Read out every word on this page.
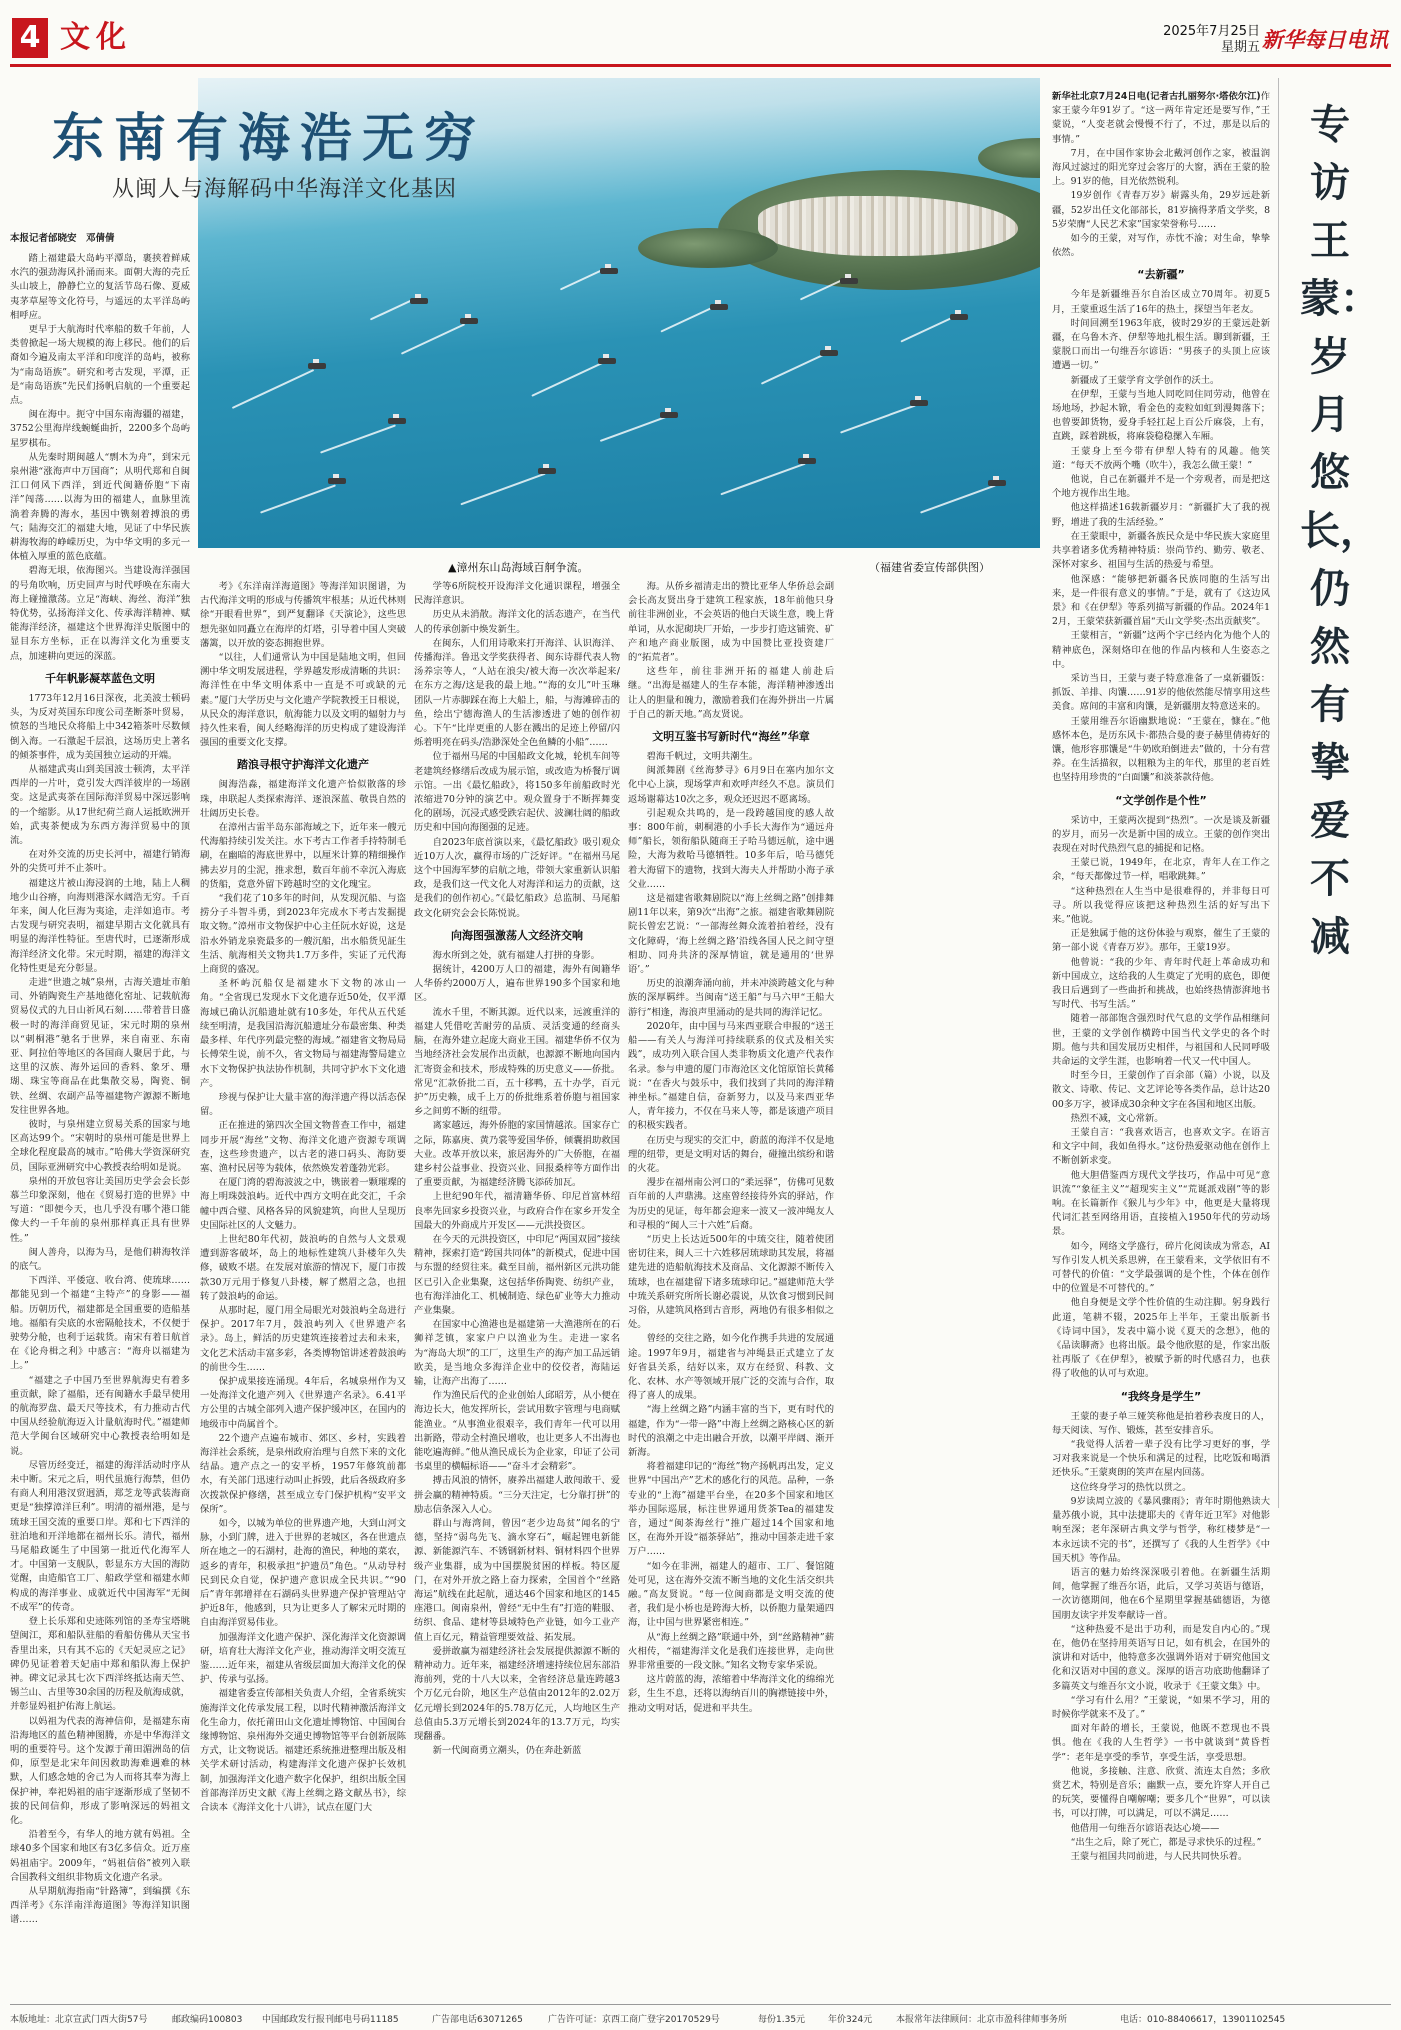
4 文化	2025年7月25日
星期五 新华每日电讯
东南有海浩无穷
从闽人与海解码中华海洋文化基因
▲漳州东山岛海域百舸争流。	（福建省委宣传部供图）

本报记者邰晓安　邓倩倩

踏上福建最大岛屿平潭岛，裹挟着鲜咸水汽的强劲海风扑涌而来。面朝大海的壳丘头山坡上，静静伫立的复活节岛石像、夏威夷茅草屋等文化符号，与遥远的太平洋岛屿相呼应。

更早于大航海时代率船的数千年前，人类曾掀起一场大规模的海上移民。他们的后裔如今遍及南太平洋和印度洋的岛屿，被称为“南岛语族”。研究和考古发现，平潭，正是“南岛语族”先民们扬帆启航的一个重要起点。

闽在海中。扼守中国东南海疆的福建，3752公里海岸线蜿蜒曲折，2200多个岛屿星罗棋布。

从先秦时期闽越人“剽木为舟”，到宋元泉州港“涨海声中万国商”；从明代郑和自闽江口伺风下西洋，到近代闽籍侨胞“下南洋”闯荡……以海为田的福建人，血脉里流淌着奔腾的海水，基因中镌刻着搏浪的勇气；陆海交汇的福建大地，见证了中华民族耕海牧海的峥嵘历史，为中华文明的多元一体植入厚重的蓝色底蕴。

碧海无垠，依海图兴。当建设海洋强国的号角吹响，历史回声与时代呼唤在东南大海上碰撞激荡。立足“海峡、海丝、海洋”独特优势，弘扬海洋文化、传承海洋精神、赋能海洋经济，福建这个世界海洋史版图中的显目东方坐标，正在以海洋文化为重要支点，加速耕向更远的深蓝。

千年帆影凝萃蓝色文明

1773年12月16日深夜，北美波士顿码头，为反对英国东印度公司垄断茶叶贸易，愤怒的当地民众将船上中342箱茶叶尽数倾倒入海。一石激起千层浪，这场历史上著名的倾茶事件，成为美国独立运动的开端。

从福建武夷山到美国波士顿湾，太平洋西岸的一片叶，竟引发大西洋彼岸的一场剧变。这是武夷茶在国际海洋贸易中深远影响的一个缩影。从17世纪荷兰商人运抵欧洲开始，武夷茶便成为东西方海洋贸易中的顶流。

在对外交流的历史长河中，福建行销海外的尖货可并不止茶叶。

福建这片被山海浸润的土地，陆上人稠地少山谷瘠，向海则港深水阔浩无穷。千百年来，闽人化巨海为夷途，走洋如追市。考古发现与研究表明，福建早期古文化就具有明显的海洋性特征。至唐代时，已逐渐形成海洋经济文化带。宋元时期，福建的海洋文化特性更是充分彰显。

走进“世遗之城”泉州，古海关遗址市舶司、外销陶瓷生产基地德化窑址、记载航海贸易仪式的九日山祈风石刻……带着昔日盛极一时的海洋商贸见证，宋元时期的泉州以“刺桐港”驰名于世界，来自南亚、东南亚、阿拉伯等地区的各国商人聚居于此，与这里的汉族、海外运回的香料、象牙、珊瑚、珠宝等商品在此集散交易，陶瓷、铜铁、丝绸、农副产品等福建物产源源不断地发往世界各地。

彼时，与泉州建立贸易关系的国家与地区高达99个。“宋朝时的泉州可能是世界上全球化程度最高的城市。”哈佛大学资深研究员，国际亚洲研究中心教授表给明如是说。

泉州的开放包容让美国历史学会会长彭慕兰印象深刻，他在《贸易打造的世界》中写道：“即便今天，也几乎没有哪个港口能像大约一千年前的泉州那样真正具有世界性。”

闽人善舟，以海为马，是他们耕海牧洋的底气。

下西洋、平倭寇、收台湾、使琉球……都能见到一个福建“主特产”的身影——福船。历朝历代，福建都是全国重要的造船基地。福船有尖底的水密隔舱技术，不仅便于驶势分舱，也利于运载货。南宋有着日航首在《论舟楫之利》中感言：“海舟以福建为上。”

“福建之子中国乃至世界航海史有着多重贡献，除了福船，还有闽籍水手最早使用的航海罗盘、最天尺等技术，有力推动古代中国从经验航海迈入计量航海时代。”福建师范大学闽台区域研究中心教授表给明如是说。

尽管历经变迁，福建的海洋活动时序从未中断。宋元之后，明代虽施行海禁，但仍有商人利用港汊贸迥酒，郑芝龙等武装海商更是“独撑漳洋巨利”。明清的福州港，是与琉球王国交流的重要口岸。郑和七下西洋的驻泊地和开洋地都在福州长乐。清代，福州马尾船政诞生了中国第一批近代化海军人才。中国第一支舰队，彰显东方大国的海防觉醒，由造船官工厂、船政学堂和福建水师构成的海洋事业、成就近代中国海军“无闽不成军”的传奇。

登上长乐郑和史迹陈列馆的圣寿宝塔眺望闽江，郑和船队驻船的看船仿佛从天宝书香里出来，只有其不忘的《天妃灵应之记》碑仍见证着着天妃庙中郑和船队海上保护神。碑文记录其七次下西洋终抵达南天竺、锡兰山、古里等30余国的历程及航海成就，并彰显妈祖护佑海上航运。

以妈祖为代表的海神信仰，是福建东南沿海地区的蓝色精神图腾，亦是中华海洋文明的重要符号。这个发源于莆田湄洲岛的信仰，原型是北宋年间因救助海难遇难的林默，人们感念她的舍己为人而将其奉为海上保护神，奉祀妈祖的庙宇逐渐形成了坚韧不拔的民间信仰，形成了影响深远的妈祖文化。

沿着至今，有华人的地方就有妈祖。全球40多个国家和地区有3亿多信众。近万座妈祖庙宇。2009年，“妈祖信俗”被列入联合国教科文组织非物质文化遗产名录。

从早期航海指南“针路簿”，到编撰《东西洋考》《东洋南洋海道图》等海洋知识图谱……

考》《东洋南洋海道图》等海洋知识图谱，为古代海洋文明的形成与传播筑牢根基；从近代林则徐“开眼看世界”，到严复翻译《天演论》，这些思想先驱如同矗立在海岸的灯塔，引导着中国人突破藩篱，以开放的姿态拥抱世界。

“以往，人们通常认为中国是陆地文明，但回溯中华文明发展进程，学界越发形成清晰的共识：海洋性在中华文明体系中一直是不可或缺的元素。”厦门大学历史与文化遗产学院教授王日根说，从民众的海洋意识，航海能力以及文明的辐射力与持久性来看，闽人经略海洋的历史构成了建设海洋强国的重要文化支撑。

踏浪寻根守护海洋文化遗产

闽海浩淼，福建海洋文化遗产恰似散落的珍珠，串联起人类探索海洋、逐浪深蓝、敬畏自然的壮阔历史长卷。

在漳州古雷半岛东部海域之下，近年来一艘元代海船持续引发关注。水下考古工作者手持特制毛刷，在幽暗的海底世界中，以厘米计算的精细操作拂去岁月的尘泥，推求想，数百年前不幸沉入海底的货船，竟意外留下跨越时空的文化瑰宝。

“我们花了10多年的时间，从发现沉船、与盗捞分子斗智斗勇，到2023年完成水下考古发掘提取文物。”漳州市文物保护中心主任阮水好说，这是沿水外销龙泉瓷最多的一艘沉船，出水船货见証生生活、航海相关文物共1.7万多件，实证了元代海上商贸的盛况。

圣杯屿沉船仅是福建水下文物的冰山一角。“全省现已发现水下文化遗存近50处，仅平潭海域已确认沉船遗址就有10多处，年代从五代延续至明清，是我国沿海沉船遗址分布最密集、种类最多样、年代序列最完整的海域。”福建省文物局局长傅荣生说，前不久，省文物局与福建海警局建立水下文物保护执法协作机制，共同守护水下文化遗产。

珍视与保护让大量丰富的海洋遗产得以活态保留。

正在推进的第四次全国文物普查工作中，福建同步开展“海丝”文物、海洋文化遗产资源专项调查，这些珍贵遗产，以古老的港口码头、海防要塞、渔村民居等为载体，依然焕发着蓬勃光彩。

在厦门湾的碧海波波之中，镌嵌着一颗璀璨的海上明珠鼓浪屿。近代中西方文明在此交汇，千余幢中西合璧、风格各异的风貌建筑，向世人呈现历史国际社区的人文魅力。

上世纪80年代初，鼓浪屿的自然与人文景观遭到游客破坏，岛上的地标性建筑八卦楼年久失修，破败不堪。在发展对旅游的情况下，厦门市拨款30万元用于修复八卦楼，解了燃眉之急，也扭转了鼓浪屿的命运。

从那时起，厦门用全局眼光对鼓浪屿全岛进行保护。2017年7月，鼓浪屿列入《世界遗产名录》。岛上，鲜活的历史建筑连接着过去和未来，文化艺术活动丰富多彩，各类博物馆讲述着鼓浪屿的前世今生……

保护成果接连涌现。4年后，名城泉州作为又一处海洋文化遗产列入《世界遗产名录》。6.41平方公里的古城全部列入遗产保护缓冲区，在国内的地级市中尚属首个。

22个遗产点遍布城市、郊区、乡村，实践着海洋社会系统，是泉州政府治理与自然下来的文化结晶。遗产点之一的安平桥，1957年修筑前都水，有关部门迅速行动叫止拆毁，此后各级政府多次拨款保护修缮，甚至成立专门保护机构“安平文保所”。

如今，以城为单位的世界遗产地，大到山河文脉，小到门牌，进入于世界的老城区，各在世遗点所在地之一的石湖村，赴海的渔民，种地的菜农，返乡的青年，积极承担“护遗员”角色。“从动导村民到民众自觉，保护遗产意识成全民共识。”“90后”青年郭增祥在石湖码头世界遗产保护管理站守护近8年，他感到，只为让更多人了解宋元时期的自由海洋贸易伟业。

加强海洋文化遗产保护、深化海洋文化资源调研，培育壮大海洋文化产业，推动海洋文明交流互鉴……近年来，福建从省级层面加大海洋文化的保护、传承与弘扬。

福建省委宣传部相关负责人介绍，全省系统实施海洋文化传承发展工程，以时代精神激活海洋文化生命力，依托莆田山文化遗址博物馆、中国闽台缘博物馆、泉州海外交通史博物馆等平台创新展陈方式，让文物说话。福建还系统推进整理出版及相关学术研讨活动，构建海洋文化遗产保护长效机制，加强海洋文化遗产数字化保护，组织出版全国首部海洋历史文献《海上丝绸之路文献丛书》，综合读本《海洋文化十八讲》，试点在厦门大

学等6所院校开设海洋文化通识课程，增强全民海洋意识。

历史从未消散。海洋文化的活态遗产，在当代人的传承创新中焕发新生。

在闽东，人们用诗歌来打开海洋、认识海洋、传播海洋。鲁迅文学奖获得者、闽东诗群代表人物汤养宗等人，“人站在浪尖/被大海一次次举起来/在东方之海/这是我的最上地。”“海的女儿”叶玉琳团队一片赤脚踩在海上大船上，船，与海滩碎击的鱼，绘出宁德海渔人的生活渗透进了她的创作初心。下午“比岸更重的人影在溅出的足迹上停留/闪烁着明亮在码头/浩渺深处全色鱼鳞的小船”……

位于福州马尾的中国船政文化城，轮机车间等老建筑经修缮后改成为展示馆，或改造为桥餐厅调示馆。一出《最忆船政》，将150多年前船政时光浓缩进70分钟的演艺中。观众置身于不断挥舞变化的剧场，沉浸式感受跌宕起伏、波澜壮阔的船政历史和中国向海图强的足迹。

自2023年底首演以来，《最忆船政》吸引观众近10万人次，赢得市场的广泛好评。“在福州马尾这个中国海军梦的启航之地，带领大家重新认识船政，是我们这一代文化人对海洋和运力的贡献，这是我们的创作初心。”《最忆船政》总监制、马尾船政文化研究会会长陈悦说。

向海图强激荡人文经济交响

海水所到之处，就有福建人打拼的身影。

据统计，4200万人口的福建，海外有闽籍华人华侨约2000万人，遍布世界190多个国家和地区。

流水千里，不断其源。近代以来，远渡重洋的福建人凭借吃苦耐劳的品质、灵活变通的经商头脑，在海外建立起庞大商业王国。福建华侨不仅为当地经济社会发展作出贡献，也源源不断地向国内汇寄资金和技术，形成特殊的历史意义——侨批。常见“汇款侨批二百，五十移鸭，五十办学，百元护”历史赖，成千上万的侨批维系着侨胞与祖国家乡之间剪不断的纽带。

离家越远，海外侨胞的家国情越浓。国家存亡之际，陈嘉庚、黄乃裳等爱国华侨，倾囊捐助救国大业。改革开放以来，旅居海外的广大侨胞，在福建乡村公益事业、投资兴业、回报桑梓等方面作出了重要贡献，为福建经济腾飞添砖加瓦。

上世纪90年代，福清籍华侨、印尼首富林绍良率先回家乡投资兴业，与政府合作在家乡开发全国最大的外商成片开发区——元洪投资区。

在今天的元洪投资区，中印尼“两国双园”接续精神，探索打造“跨国共同体”的新模式，促进中国与东盟的经贸往来。截至目前，福州新区元洪功能区已引入企业集聚，这包括华侨陶瓷、纺织产业，也有海洋油化工、机械制造、绿色矿业等大力推动产业集聚。

在国家中心渔港也是福建第一大渔港所在的石狮祥芝镇，家家户户以渔业为生。走进一家名为“海岛大坝”的工厂，这里生产的海产加工品远销欧美，是当地众多海洋企业中的佼佼者，海陆运输，让海产出海了……

作为渔民后代的企业创始人邱昭芳，从小便在海边长大，他发挥所长，尝试用数字管理与电商赋能渔业。“从事渔业很艰辛，我们青年一代可以用出新路，带动全村渔民增收，也让更多人不出海也能吃遍海鲜。”他从渔民成长为企业家，印证了公司书桌里的横幅标语——“奋斗才会精彩”。

搏击风浪的情怀，赓养出福建人敢闯敢干、爱拼会赢的精神特质。“三分天注定，七分靠打拼”的励志信条深入人心。

群山与海湾间，曾因“老少边岛贫”闻名的宁德，坚持“弱鸟先飞、滴水穿石”，崛起锂电新能源、新能源汽车、不锈钢新材料、铜材料四个世界级产业集群，成为中国摆脱贫困的样板。特区厦门，在对外开放之路上奋力探索，全国首个“丝路海运”航线在此起航，通达46个国家和地区的145座港口。闽南泉州，曾经“无中生有”打造的鞋服、纺织、食品、建材等县域特色产业链，如今工业产值上百亿元，精益管理要效益、拓发展。

爱拼敢赢为福建经济社会发展提供源源不断的精神动力。近年来，福建经济增速持续位居东部沿海前列，党的十八大以来，全省经济总量连跨越3个万亿元台阶，地区生产总值由2012年的2.02万亿元增长到2024年的5.78万亿元，人均地区生产总值由5.3万元增长到2024年的13.7万元，均实现翻番。

新一代闽商勇立潮头，仍在奔赴新蓝

海。从侨乡福清走出的赞比亚华人华侨总会副会长高友贤出身于建筑工程家族，18年前他只身前往非洲创业，不会英语的他白天谈生意，晚上背单词，从水泥砌块厂开始，一步步打造这铺瓷、矿产和地产商业版图，成为中国赞比亚投资建厂的“拓荒者”。

这些年，前往非洲开拓的福建人前赴后继。“出海是福建人的生存本能，海洋精神渗透出让人的胆量和魄力，激励着我们在海外拼出一片属于自己的新天地。”高友贤说。

文明互鉴书写新时代“海丝”华章

碧海千帆过，文明共潮生。

闽派舞剧《丝海梦寻》6月9日在塞内加尔文化中心上演，现场掌声和欢呼声经久不息。演员们返场谢幕达10次之多，观众还迟迟不愿离场。

引起观众共鸣的，是一段跨越国度的感人故事：800年前，刺桐港的小手长大海作为“通远舟师”船长，领衔船队随商王子哈马德远航，途中遇险，大海为救哈马德牺牲。10多年后，哈马德凭着大海留下的遗物，找到大海夫人并帮助小海子承父业……

这是福建省歌舞剧院以“海上丝绸之路”创排舞剧11年以来，第9次“出海”之旅。福建省歌舞剧院院长曾宏艺说：“一部海丝舞众流着拍着经，没有文化障碍，‘海上丝绸之路’沿线各国人民之间守望相助、同舟共济的深厚情谊，就是通用的‘世界语’。”

历史的浪潮奔涌向前，并未冲淡跨越文化与种族的深厚羁绊。当闽南“送王船”与马六甲“王船大游行”相逢，海浪声里涌动的是共同的海洋记忆。

2020年，由中国与马来西亚联合申报的“送王船——有关人与海洋可持续联系的仪式及相关实践”，成功列入联合国人类非物质文化遗产代表作名录。参与申遗的厦门市海沧区文化馆原馆长黄稀说：“在香火与鼓乐中，我们找到了共同的海洋精神坐标。”福建自信，奋新努力，以及马来西亚华人，青年接力，不仅在马来人等，都是该遗产项目的积极实践者。

在历史与现实的交汇中，蔚蓝的海洋不仅是地理的纽带，更是文明对话的舞台，碰撞出缤纷和谐的火花。

漫步在福州南公河口的“柔远驿”，仿佛可见数百年前的人声鼎沸。这座曾经接待外宾的驿站，作为历史的见证，每年都会迎来一波又一波冲绳友人和寻根的“闽人三十六姓”后裔。

“历史上长达近500年的中琉交往，随着使团密切往来，闽人三十六姓移居琉球助其发展，将福建先进的造船航海技术及商品、文化源源不断传入琉球，也在福建留下诸多琉球印记。”福建师范大学中琉关系研究所所长谢必震说，从饮食习惯到民间习俗，从建筑风格到古音形，两地仍有很多相似之处。

曾经的交往之路，如今化作携手共进的发展通途。1997年9月，福建省与冲绳县正式建立了友好省县关系，结好以来，双方在经贸、科教、文化、农林、水产等领域开展广泛的交流与合作，取得了喜人的成果。

“海上丝绸之路”内涵丰富的当下，更有时代的福建，作为“一带一路”中海上丝绸之路核心区的新时代的浪潮之中走出融合开放，以潮平岸阔、渐开新海。

将着福建印记的“海丝”物产扬帆再出发，定义世界“中国出产”艺术的感化行的风范。品种，一条专业的“上海”福建平台坐，在20多个国家和地区举办国际巡展，标注世界通用货茶Tea的福建发音，通过“闽茶海丝行”推广超过14个国家和地区，在海外开设“福茶驿站”，推动中国茶走进千家万户……

“如今在非洲，福建人的超市、工厂、餐馆随处可见，这在海外交流不断当地的文化生活交织共融。”高友贤说。“每一位闽商都是文明交流的使者，我们是小桥也是跨海大桥，以侨胞力量架通四海，让中国与世界紧密相连。”

从“海上丝绸之路”联通中外，到“丝路精神”薪火相传，“福建海洋文化是我们连接世界，走向世界非常重要的一段文脉。”知名文物专家华采说。

这片蔚蓝的海，浓缩着中华海洋文化的绵绵光彩，生生不息，还将以海纳百川的胸襟链接中外，推动文明对话，促进和平共生。

新华社北京7月24日电(记者古扎丽努尔·塔依尔江)作家王蒙今年91岁了。“这一两年肯定还是要写作，”王蒙说，“人变老就会慢慢不行了，不过，那是以后的事情。”

7月，在中国作家协会北戴河创作之家，被温润海风过滤过的阳光穿过会客厅的大窗，洒在王蒙的脸上。91岁的他，目光依然锐利。

19岁创作《青春万岁》崭露头角，29岁远赴新疆，52岁出任文化部部长，81岁摘得茅盾文学奖，85岁荣膺“人民艺术家”国家荣誉称号……

如今的王蒙，对写作，赤忱不渝；对生命，挚挚依然。

“去新疆”

今年是新疆维吾尔自治区成立70周年。初夏5月，王蒙重返生活了16年的热土，探望当年老友。

时间回溯至1963年底，彼时29岁的王蒙远赴新疆，在乌鲁木齐、伊犁等地扎根生活。聊到新疆，王蒙脱口而出一句维吾尔谚语：“男孩子的头顶上应该遭遇一切。”

新疆成了王蒙学育文学创作的沃土。

在伊犁，王蒙与当地人同吃同住同劳动，他曾在场地场，抄起木锨，看金色的麦粒如虹到漫舞落下；也曾要卸货物，爱身手轻扛起上百公斤麻袋，上有，直跳，踩着跳板，将麻袋稳稳摞入车厢。

王蒙身上至今带有伊犁人特有的风趣。他笑道：“每天不放两个嘴（吹牛），我怎么做王蒙！”

他说，自己在新疆并不是一个旁观者，而是把这个地方视作出生地。

他这样描述16载新疆岁月：“新疆扩大了我的视野，增进了我的生活经验。”

在王蒙眼中，新疆各族民众是中华民族大家庭里共享着诸多优秀精神特质：崇尚节约、勤劳、敬老、深怀对家乡、祖国与生活的热爱与希望。

他深感：“能够把新疆各民族同胞的生活写出来，是一件很有意义的事情。”于是，就有了《这边风景》和《在伊犁》等系列描写新疆的作品。2024年12月，王蒙荣获新疆首届“天山文学奖·杰出贡献奖”。

王蒙相言，“新疆”这两个字已经内化为他个人的精神底色，深刻烙印在他的作品内核和人生姿态之中。

采访当日，王蒙与妻子特意准备了一桌新疆饭：抓饭、羊排、肉馕……91岁的他依然能尽情享用这些美食。席间的丰富和肉馕，是新疆朋友特意送来的。

王蒙用维吾尔语幽默地说：“王蒙在，慷在。”他感怀本色，是历东风卡·都热合曼的妻子赫里倩祷好的馕，他形容那馕是“牛奶欧珀倒进去”做的，十分有营养。在生活描叙，以粗粮为主的年代，那里的老百姓也坚持用珍贵的“白面馕”和淡茶款待他。

“文学创作是个性”

采访中，王蒙两次提到“热烈”。一次是谈及新疆的岁月，而另一次是新中国的成立。王蒙的创作突出表现在对时代热烈气息的捕捉和记格。

王蒙已说，1949年，在北京，青年人在工作之余，“每天都像过节一样，唱歌跳舞。”

“这种热烈在人生当中是很难得的，并非每日可寻。所以我觉得应该把这种热烈生活的好写出下来。”他说。

正是独属于他的这份体验与观察，催生了王蒙的第一部小说《青春万岁》。那年，王蒙19岁。

他曾说：“我的少年、青年时代赶上革命成功和新中国成立，这给我的人生奠定了光明的底色，即便我日后遇到了一些曲折和挑战，也始终热情澎湃地书写时代、书写生活。”

随着一部部饱含强烈时代气息的文学作品相继问世，王蒙的文学创作横跨中国当代文学史的各个时期。他与共和国发展历史相伴，与祖国和人民同呼吸共命运的文学生涯，也影响着一代又一代中国人。

时至今日，王蒙创作了百余部（篇）小说，以及散文、诗歌、传记、文艺评论等各类作品，总计达2000多万字，被译成30余种文字在各国和地区出版。

热烈不减，文心常新。

王蒙自言：“我喜欢语言，也喜欢文字。在语言和文字中间，我如鱼得水。”这份热爱驱动他在创作上不断创新求变。

他大胆借鉴西方现代文学技巧，作品中可见“意识流”“象征主义”“超现实主义”“荒诞派戏剧”等的影响。在长篇新作《猴儿与少年》中，他更是大量将现代词汇甚至网络用语，直接植入1950年代的劳动场景。

如今，网络文学盛行，碎片化阅读成为常态，AI写作引发人机关系思辨，在王蒙看来，文学依旧有不可替代的价值：“文学最强调的是个性，个体在创作中的位置是不可替代的。”

他自身便是文学个性价值的生动注脚。躬身践行此道，笔耕不辍，2025年上半年，王蒙出版新书《诗词中国》，发表中篇小说《夏天的念想》，他的《品读聊斋》也将出版。最令他欣慰的是，作家出版社再版了《在伊犁》，被赋予新的时代感召力，也获得了收他的认可与欢迎。

“我终身是学生”

王蒙的妻子单三娅笑称他是拍着秒表度日的人，每天阅读、写作、锻炼，甚至安排音乐。

“我觉得人活着一辈子没有比学习更好的事，学习对我来说是一个快乐和满足的过程，比吃饭和喝酒还快乐。”王蒙爽朗的笑声在屋内回荡。

这位终身学习的热忱以贯之。

9岁读周立波的《暴风骤雨》；青年时期他熟读大量苏俄小说，其中法捷耶夫的《青年近卫军》对他影响至深；老年深研古典文学与哲学，称红楼梦是“一本永远读不完的书”，还撰写了《我的人生哲学》《中国天机》等作品。

语言的魅力始终深深吸引着他。在新疆生活期间，他掌握了维吾尔语，此后，又学习英语与德语，一次访德期间，他在6个星期里掌握基础德语，为德国朋友读字并发奉献诗一首。

“这种热爱不是出于功利，而是发自内心的。”现在，他仍在坚持用英语写日记，如有机会，在国外的演讲和对话中，他特意多次强调外语对于研究他国文化和汉语对中国的意义。深厚的语言功底助他翻译了多篇英文与维吾尔文小说，收录于《王蒙文集》中。

“学习有什么用？”王蒙说，“如果不学习，用的时候你学就来不及了。”

面对年龄的增长，王蒙说，他既不惹现也不畏惧。他在《我的人生哲学》一书中就谈到“黄昏哲学”：老年是享受的季节，享受生活，享受思想。

他说，多接触、注意、欣赏、流连太自然；多欣赏艺术，特别是音乐；幽默一点，要允许穿人开自己的玩笑，要懂得自嘲解嘲；要多几个“世界”，可以读书，可以打牌，可以满足，可以不满足……

他借用一句维吾尔谚语表达心境——

“出生之后，除了死亡，都是寻求快乐的过程。”

王蒙与祖国共同前进，与人民共同快乐着。

专访王蒙：
岁月悠长，
仍然有挚爱不减
本版地址：北京宣武门西大街57号	邮政编码100803 中国邮政发行报刊邮电号码11185	广告部电话63071265	广告许可证：京西工商广登字20170529号	每份1.35元	年价324元	本报常年法律顾问：北京市盈科律师事务所	电话：010-88406617，13901102545
